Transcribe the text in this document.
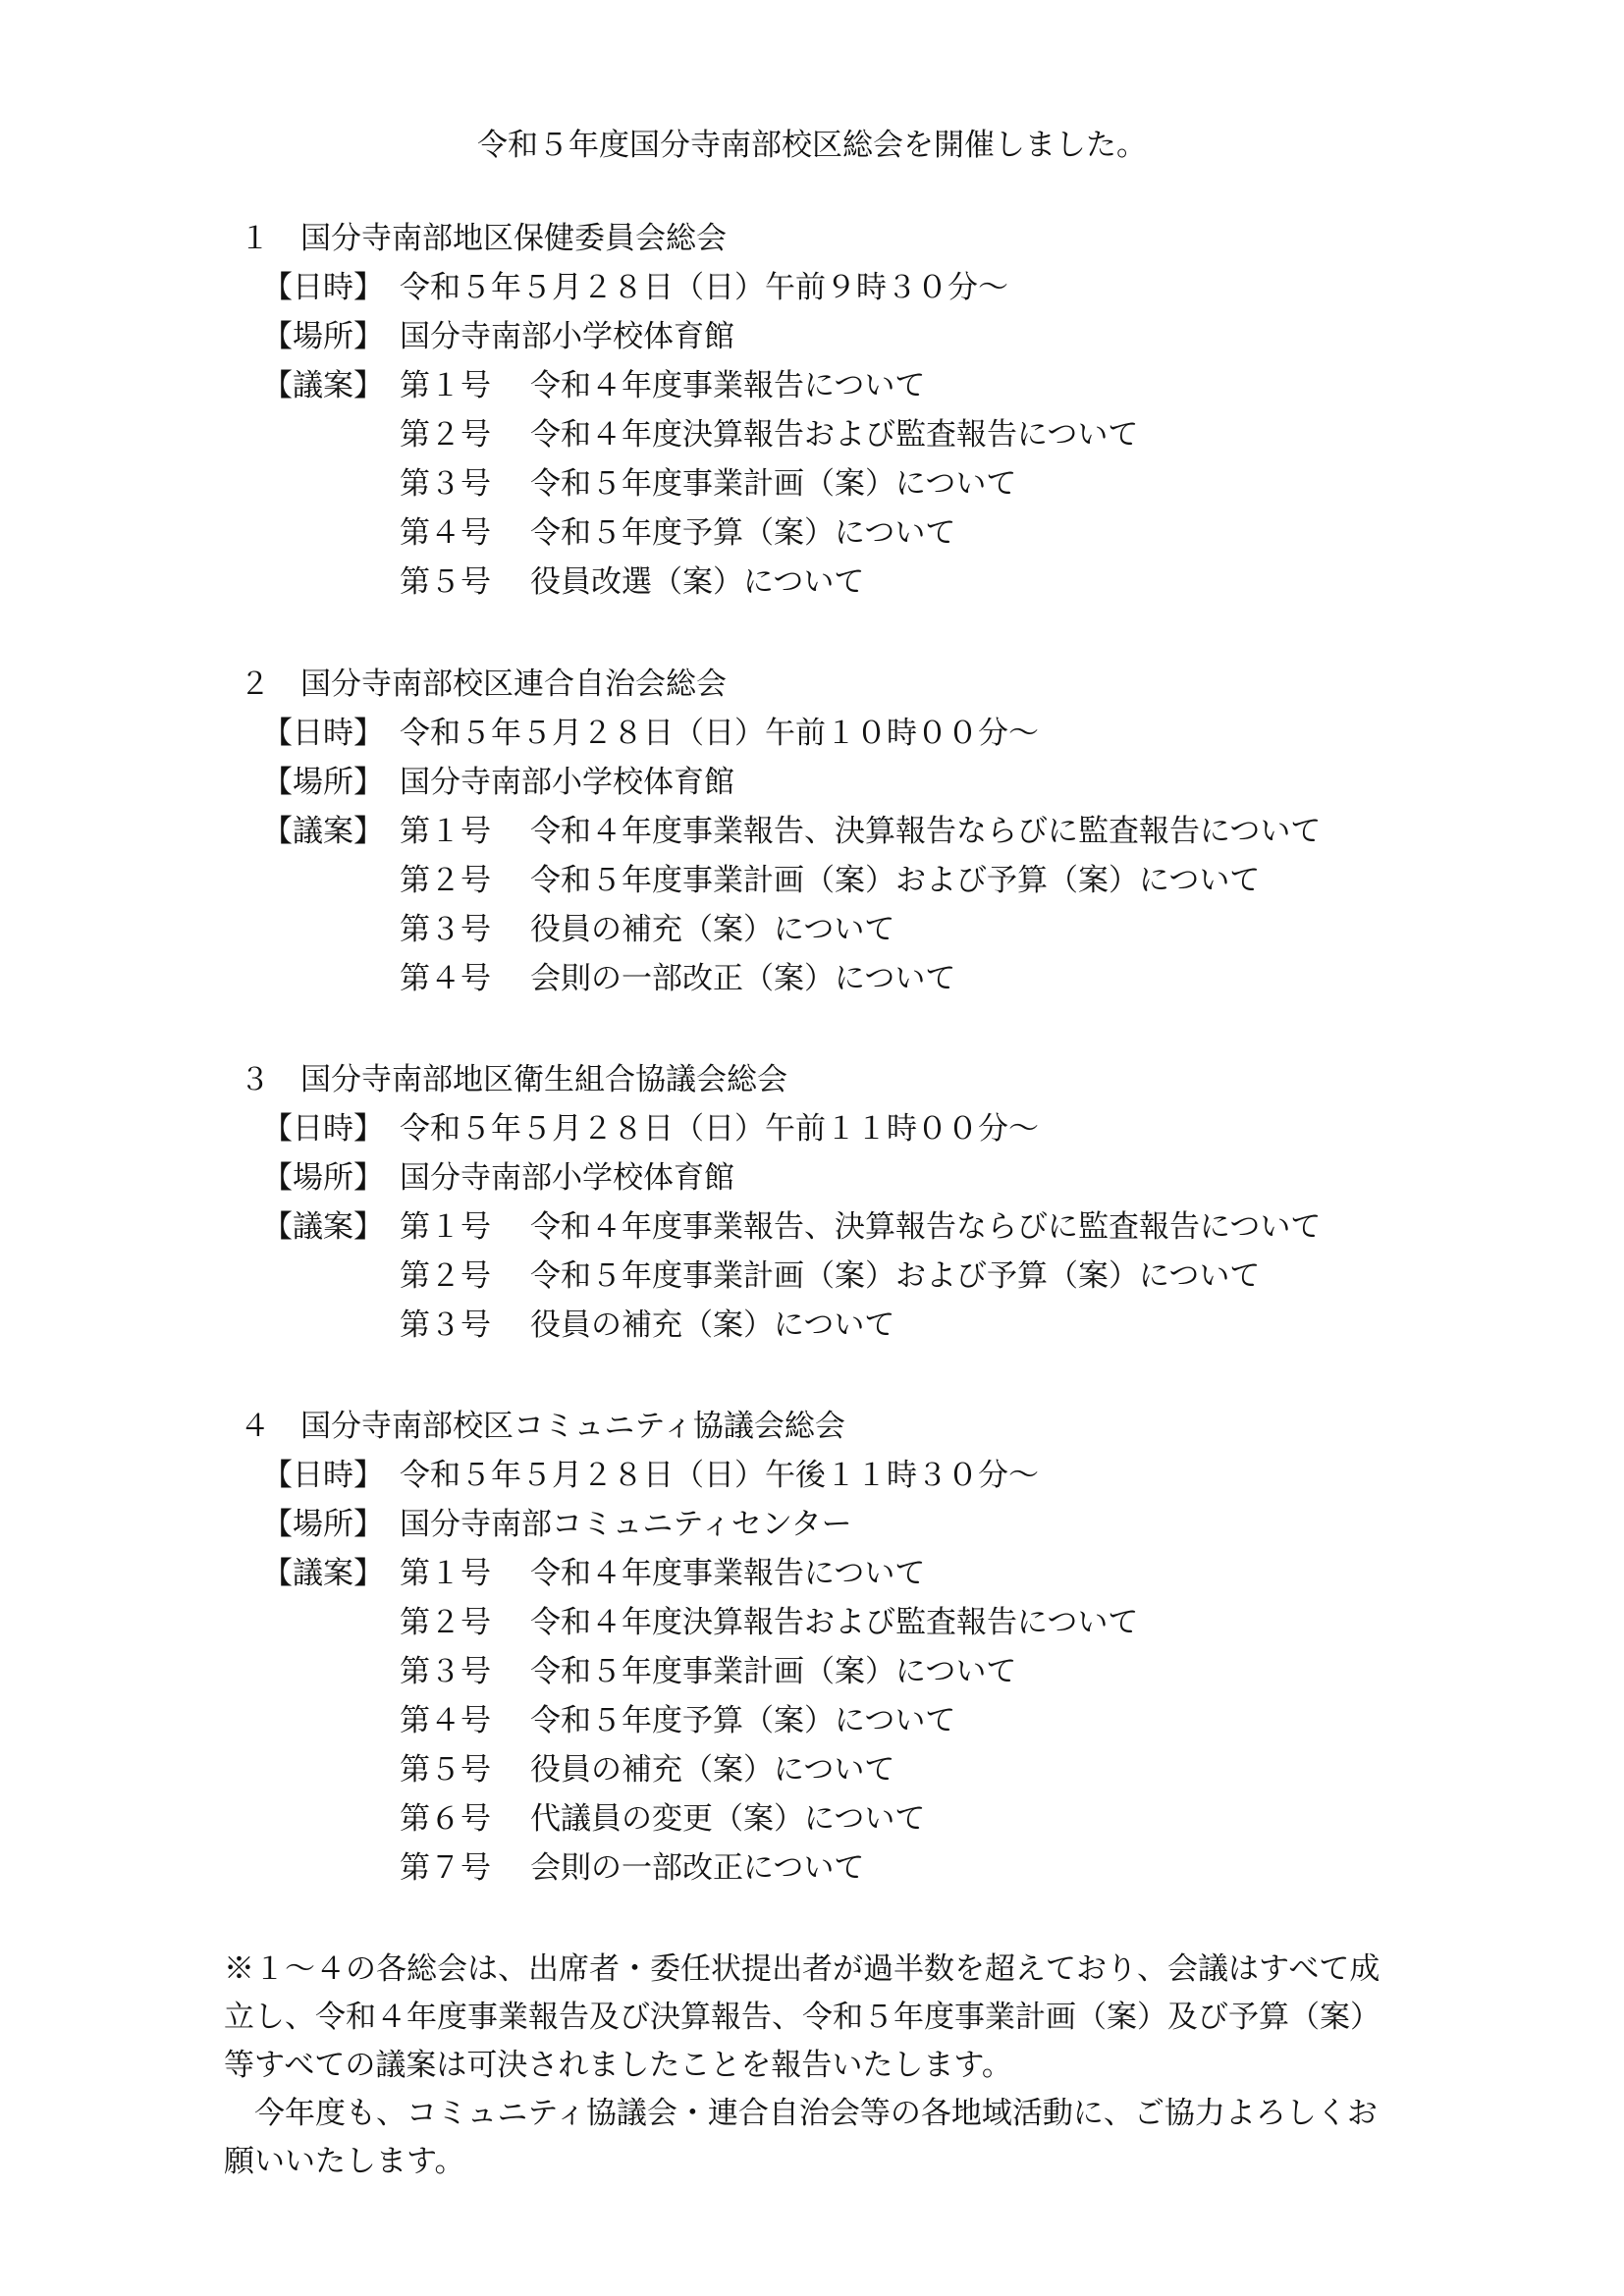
令和５年度国分寺南部校区総会を開催しました。
１ 国分寺南部地区保健委員会総会
【日時】 令和５年５月２８日（日）午前９時３０分～
【場所】 国分寺南部小学校体育館
【議案】 第１号 令和４年度事業報告について
第２号 令和４年度決算報告および監査報告について
第３号 令和５年度事業計画（案）について
第４号 令和５年度予算（案）について
第５号 役員改選（案）について
２ 国分寺南部校区連合自治会総会
【日時】 令和５年５月２８日（日）午前１０時００分～
【場所】 国分寺南部小学校体育館
【議案】 第１号 令和４年度事業報告、決算報告ならびに監査報告について
第２号 令和５年度事業計画（案）および予算（案）について
第３号 役員の補充（案）について
第４号 会則の一部改正（案）について
３ 国分寺南部地区衛生組合協議会総会
【日時】 令和５年５月２８日（日）午前１１時００分～
【場所】 国分寺南部小学校体育館
【議案】 第１号 令和４年度事業報告、決算報告ならびに監査報告について
第２号 令和５年度事業計画（案）および予算（案）について
第３号 役員の補充（案）について
４ 国分寺南部校区コミュニティ協議会総会
【日時】 令和５年５月２８日（日）午後１１時３０分～
【場所】 国分寺南部コミュニティセンター
【議案】 第１号 令和４年度事業報告について
第２号 令和４年度決算報告および監査報告について
第３号 令和５年度事業計画（案）について
第４号 令和５年度予算（案）について
第５号 役員の補充（案）について
第６号 代議員の変更（案）について
第７号 会則の一部改正について

※１～４の各総会は、出席者・委任状提出者が過半数を超えており、会議はすべて成立し、令和４年度事業報告及び決算報告、令和５年度事業計画（案）及び予算（案）等すべての議案は可決されましたことを報告いたします。

　今年度も、コミュニティ協議会・連合自治会等の各地域活動に、ご協力よろしくお願いいたします。
